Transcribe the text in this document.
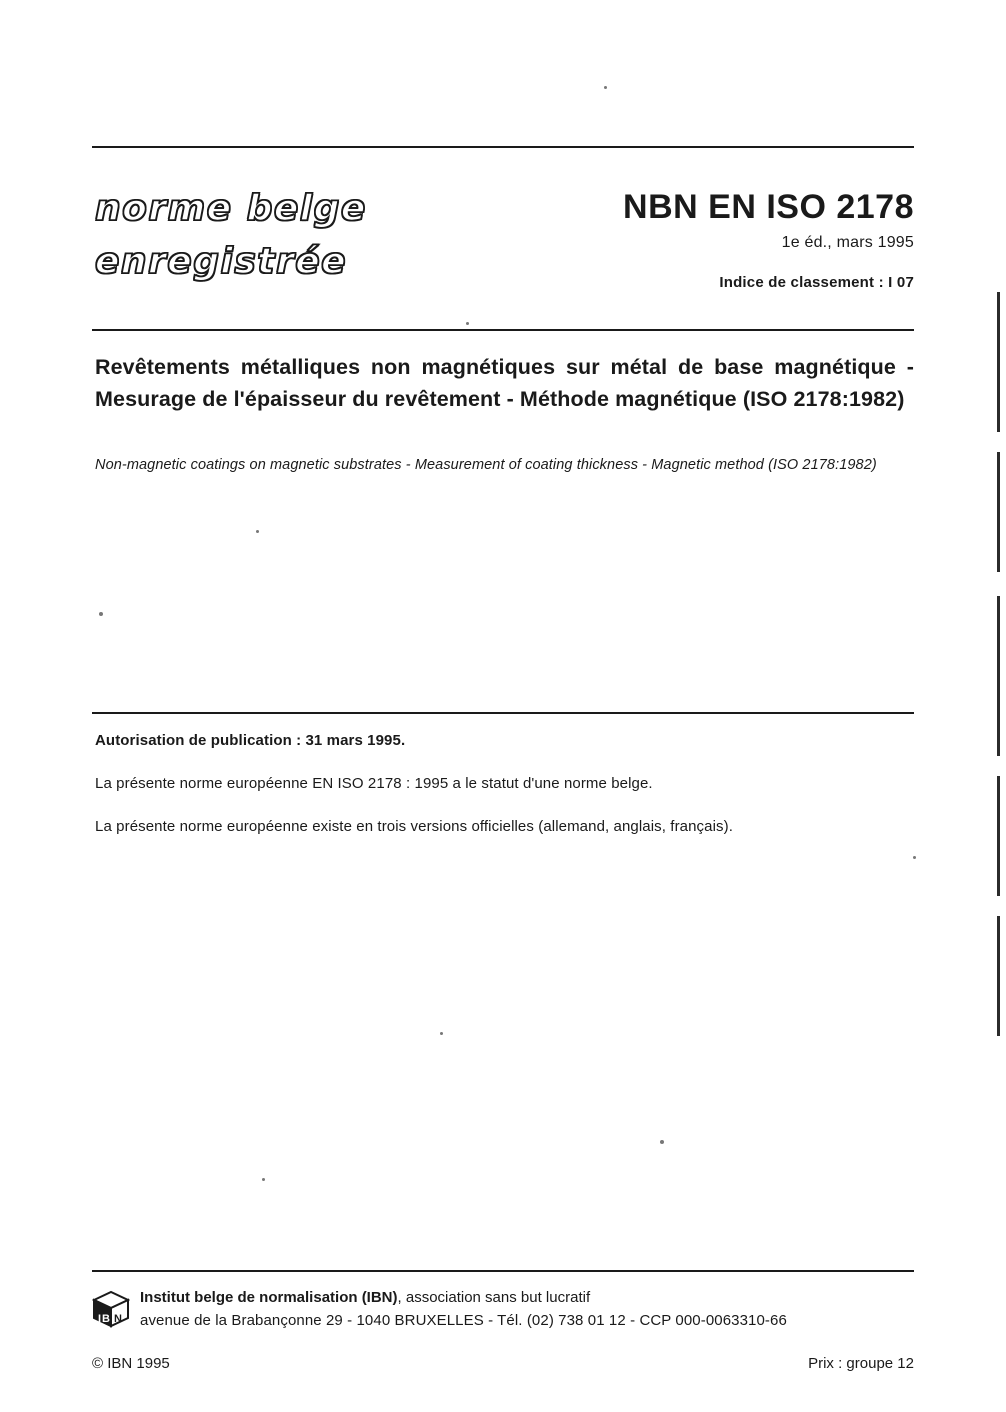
norme belge
enregistrée
NBN EN ISO 2178
1e éd., mars 1995
Indice de classement : I 07
Revêtements métalliques non magnétiques sur métal de base magnétique - Mesurage de l'épaisseur du revêtement - Méthode magnétique (ISO 2178:1982)
Non-magnetic coatings on magnetic substrates - Measurement of coating thickness - Magnetic method (ISO 2178:1982)

Autorisation de publication : 31 mars 1995.

La présente norme européenne EN ISO 2178 : 1995 a le statut d'une norme belge.

La présente norme européenne existe en trois versions officielles (allemand, anglais, français).

I B N

Institut belge de normalisation (IBN), association sans but lucratif

avenue de la Brabançonne 29 - 1040 BRUXELLES - Tél. (02) 738 01 12 - CCP 000-0063310-66

© IBN 1995	Prix : groupe 12
